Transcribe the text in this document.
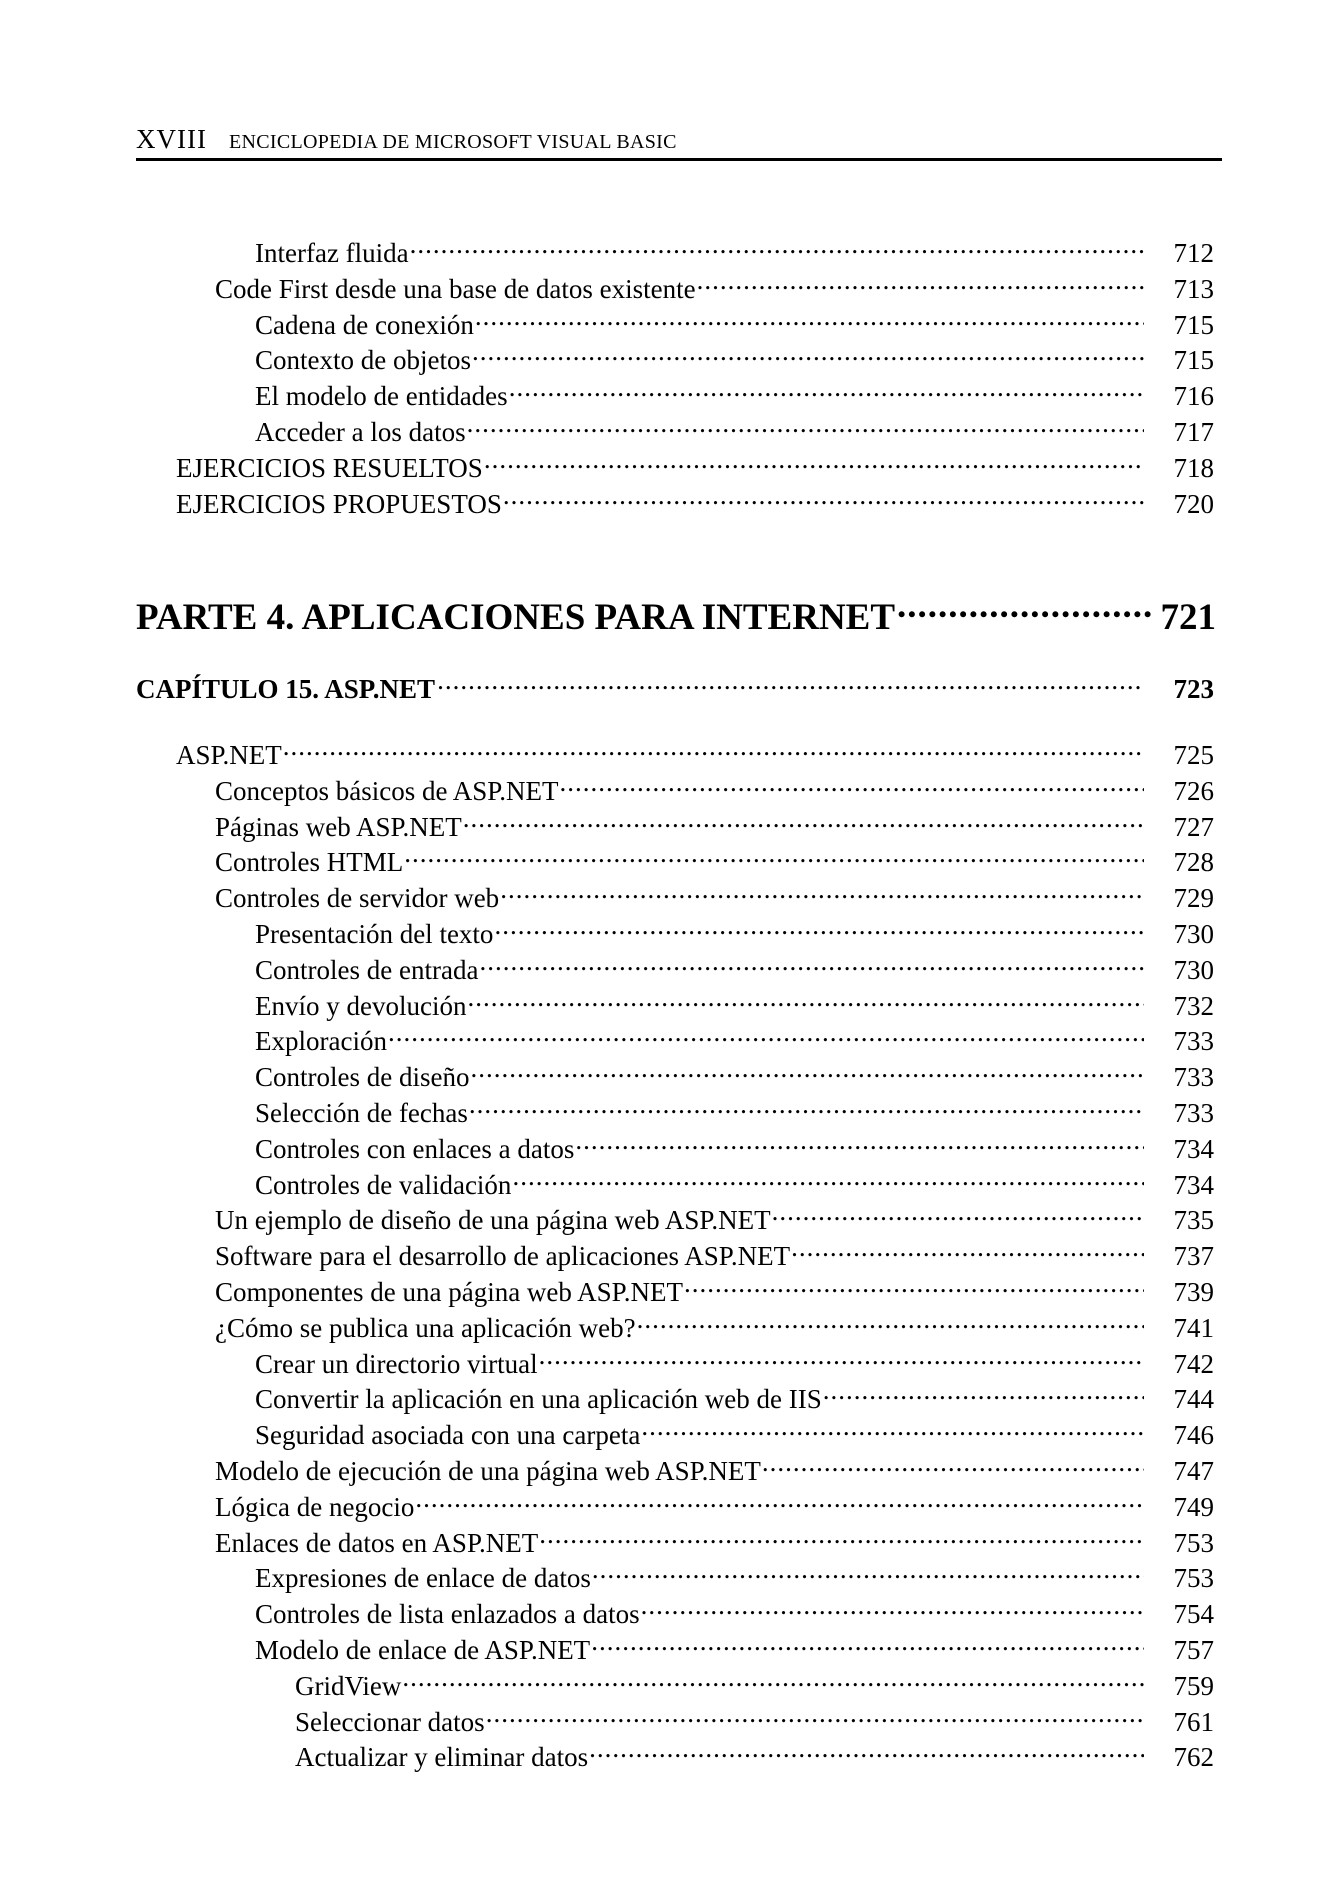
XVIII ENCICLOPEDIA DE MICROSOFT VISUAL BASIC
Interfaz fluida .....	712
Code First desde una base de datos existente .....	713
Cadena de conexión .....	715
Contexto de objetos .....	715
El modelo de entidades .....	716
Acceder a los datos .....	717
EJERCICIOS RESUELTOS .....	718
EJERCICIOS PROPUESTOS .....	720
PARTE 4. APLICACIONES PARA INTERNET .....	721
CAPÍTULO 15. ASP.NET .....	723
ASP.NET .....	725
Conceptos básicos de ASP.NET .....	726
Páginas web ASP.NET .....	727
Controles HTML .....	728
Controles de servidor web .....	729
Presentación del texto .....	730
Controles de entrada .....	730
Envío y devolución .....	732
Exploración .....	733
Controles de diseño .....	733
Selección de fechas .....	733
Controles con enlaces a datos .....	734
Controles de validación .....	734
Un ejemplo de diseño de una página web ASP.NET .....	735
Software para el desarrollo de aplicaciones ASP.NET .....	737
Componentes de una página web ASP.NET .....	739
¿Cómo se publica una aplicación web? .....	741
Crear un directorio virtual .....	742
Convertir la aplicación en una aplicación web de IIS .....	744
Seguridad asociada con una carpeta .....	746
Modelo de ejecución de una página web ASP.NET .....	747
Lógica de negocio .....	749
Enlaces de datos en ASP.NET .....	753
Expresiones de enlace de datos .....	753
Controles de lista enlazados a datos .....	754
Modelo de enlace de ASP.NET .....	757
GridView .....	759
Seleccionar datos .....	761
Actualizar y eliminar datos .....	762
